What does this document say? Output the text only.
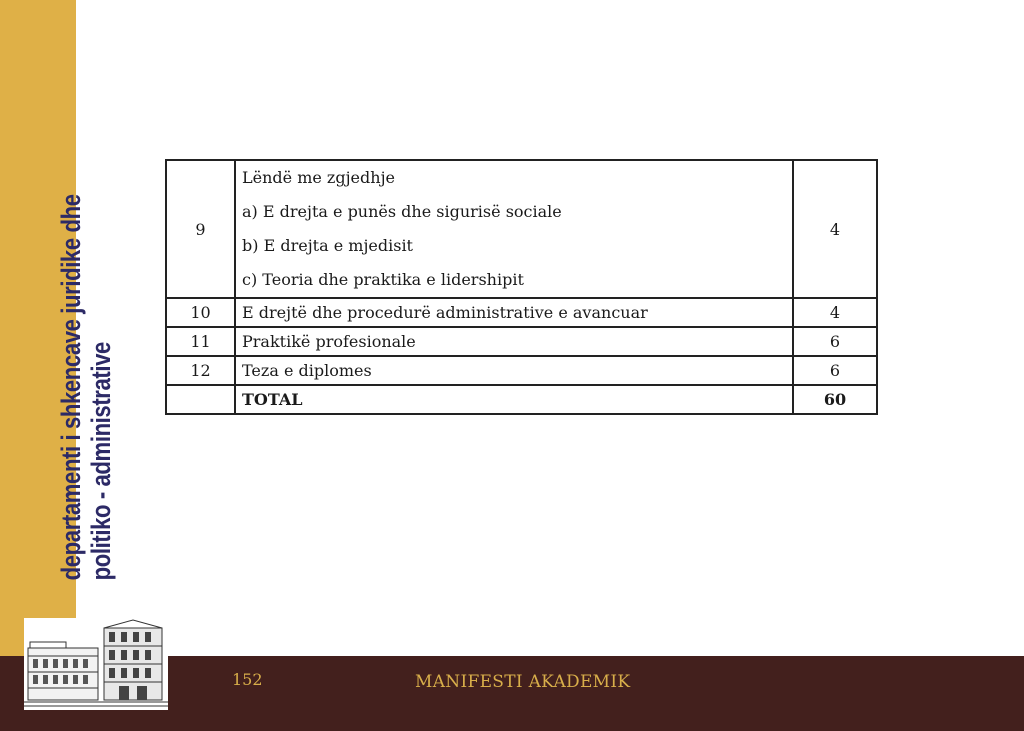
departamenti i shkencave juridike dhe politiko - administrative
9	Lëndë me zgjedhje
a) E drejta e punës dhe sigurisë sociale
b) E drejta e mjedisit
c) Teoria dhe praktika e lidershipit	4
10	E drejtë dhe procedurë administrative e avancuar	4
11	Praktikë profesionale	6
12	Teza e diplomes	6
	TOTAL	60
152	MANIFESTI AKADEMIK
